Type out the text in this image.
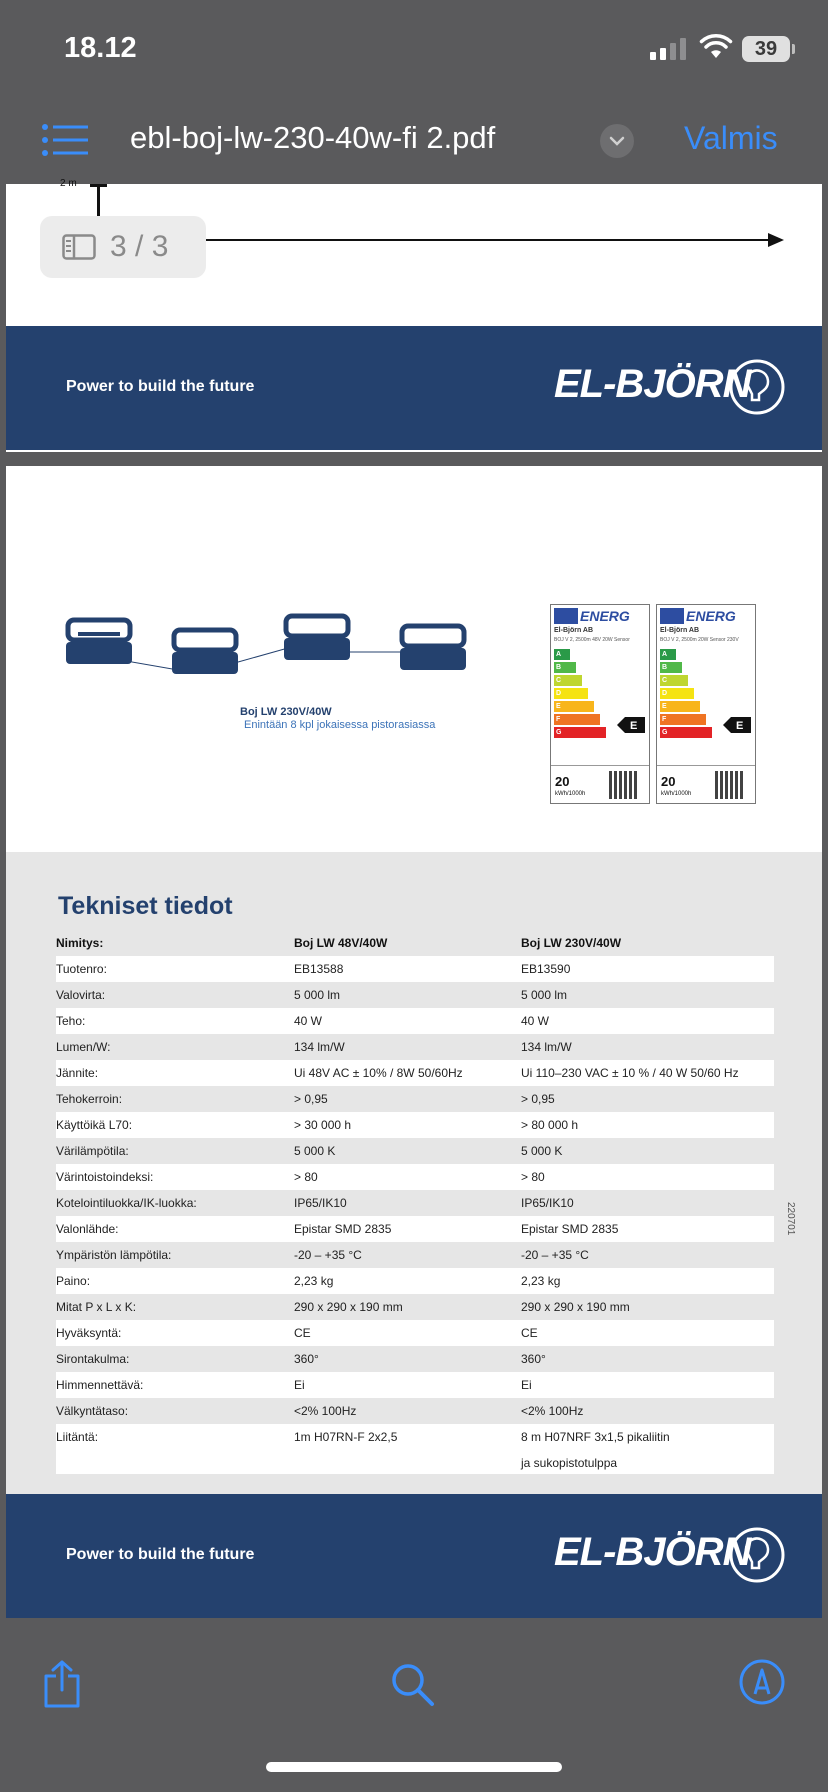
18.12	39
ebl-boj-lw-230-40w-fi 2.pdf	Valmis
2 m
3 / 3
Power to build the future	EL-BJÖRN
Boj LW 230V/40W
Enintään 8 kpl jokaisessa pistorasiassa
ENERG
El-Björn AB
BOJ V 2, 2500m 48V 20W Sensor
A
B
C
D
E
F
G
E
20
kWh/1000h
ENERG
El-Björn AB
BOJ V 2, 2500m 20W Sensor 230V
A
B
C
D
E
F
G
E
20
kWh/1000h
Tekniset tiedot
Nimitys:	Boj LW 48V/40W	Boj LW 230V/40W
Tuotenro:	EB13588	EB13590
Valovirta:	5 000 lm	5 000 lm
Teho:	40 W	40 W
Lumen/W:	134 lm/W	134 lm/W
Jännite:	Ui 48V AC ± 10% / 8W 50/60Hz	Ui 110–230 VAC ± 10 % / 40 W 50/60 Hz
Tehokerroin:	> 0,95	> 0,95
Käyttöikä L70:	> 30 000 h	> 80 000 h
Värilämpötila:	5 000 K	5 000 K
Värintoistoindeksi:	> 80	> 80
Kotelointiluokka/IK-luokka:	IP65/IK10	IP65/IK10
Valonlähde:	Epistar SMD 2835	Epistar SMD 2835
Ympäristön lämpötila:	-20 – +35 °C	-20 – +35 °C
Paino:	2,23 kg	2,23 kg
Mitat P x L x K:	290 x 290 x 190 mm	290 x 290 x 190 mm
Hyväksyntä:	CE	CE
Sirontakulma:	360°	360°
Himmennettävä:	Ei	Ei
Välkyntätaso:	<2% 100Hz	<2% 100Hz
Liitäntä:	1m H07RN-F 2x2,5	8 m H07NRF 3x1,5 pikaliitin
ja sukopistotulppa
220701
Power to build the future	EL-BJÖRN
